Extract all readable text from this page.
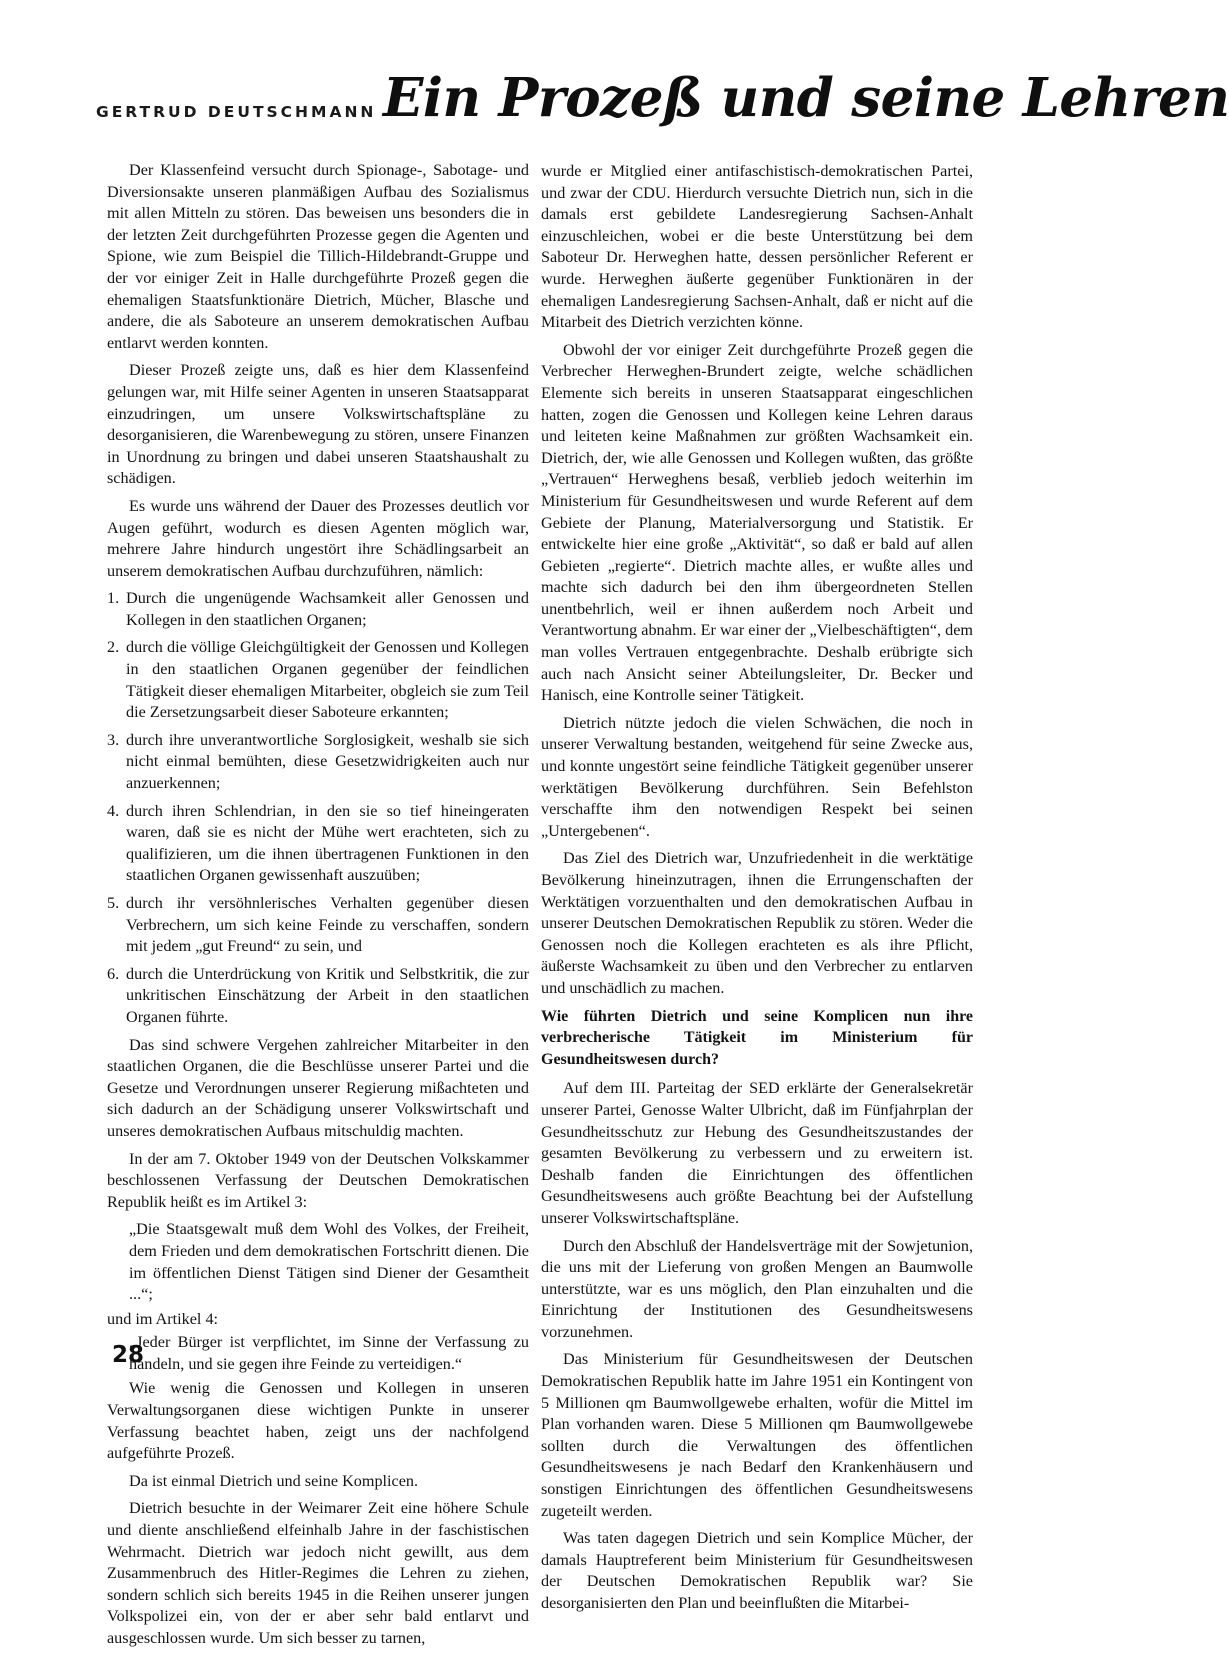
GERTRUD DEUTSCHMANN Ein Prozeß und seine Lehren

Der Klassenfeind versucht durch Spionage-, Sabotage- und Diversionsakte unseren planmäßigen Aufbau des Sozialismus mit allen Mitteln zu stören. Das beweisen uns besonders die in der letzten Zeit durchgeführten Prozesse gegen die Agenten und Spione, wie zum Beispiel die Tillich-Hildebrandt-Gruppe und der vor einiger Zeit in Halle durchgeführte Prozeß gegen die ehemaligen Staatsfunktionäre Dietrich, Mücher, Blasche und andere, die als Saboteure an unserem demokratischen Aufbau entlarvt werden konnten.

Dieser Prozeß zeigte uns, daß es hier dem Klassenfeind gelungen war, mit Hilfe seiner Agenten in unseren Staatsapparat einzudringen, um unsere Volkswirtschaftspläne zu desorganisieren, die Warenbewegung zu stören, unsere Finanzen in Unordnung zu bringen und dabei unseren Staatshaushalt zu schädigen.

Es wurde uns während der Dauer des Prozesses deutlich vor Augen geführt, wodurch es diesen Agenten möglich war, mehrere Jahre hindurch ungestört ihre Schädlingsarbeit an unserem demokratischen Aufbau durchzuführen, nämlich:

1. Durch die ungenügende Wachsamkeit aller Genossen und Kollegen in den staatlichen Organen;
2. durch die völlige Gleichgültigkeit der Genossen und Kollegen in den staatlichen Organen gegenüber der feindlichen Tätigkeit dieser ehemaligen Mitarbeiter, obgleich sie zum Teil die Zersetzungsarbeit dieser Saboteure erkannten;
3. durch ihre unverantwortliche Sorglosigkeit, weshalb sie sich nicht einmal bemühten, diese Gesetzwidrigkeiten auch nur anzuerkennen;
4. durch ihren Schlendrian, in den sie so tief hineingeraten waren, daß sie es nicht der Mühe wert erachteten, sich zu qualifizieren, um die ihnen übertragenen Funktionen in den staatlichen Organen gewissenhaft auszuüben;
5. durch ihr versöhnlerisches Verhalten gegenüber diesen Verbrechern, um sich keine Feinde zu verschaffen, sondern mit jedem „gut Freund“ zu sein, und
6. durch die Unterdrückung von Kritik und Selbstkritik, die zur unkritischen Einschätzung der Arbeit in den staatlichen Organen führte.

Das sind schwere Vergehen zahlreicher Mitarbeiter in den staatlichen Organen, die die Beschlüsse unserer Partei und die Gesetze und Verordnungen unserer Regierung mißachteten und sich dadurch an der Schädigung unserer Volkswirtschaft und unseres demokratischen Aufbaus mitschuldig machten.

In der am 7. Oktober 1949 von der Deutschen Volkskammer beschlossenen Verfassung der Deutschen Demokratischen Republik heißt es im Artikel 3:

„Die Staatsgewalt muß dem Wohl des Volkes, der Freiheit, dem Frieden und dem demokratischen Fortschritt dienen. Die im öffentlichen Dienst Tätigen sind Diener der Gesamtheit ...“;

und im Artikel 4:

„Jeder Bürger ist verpflichtet, im Sinne der Verfassung zu handeln, und sie gegen ihre Feinde zu verteidigen.“

Wie wenig die Genossen und Kollegen in unseren Verwaltungsorganen diese wichtigen Punkte in unserer Verfassung beachtet haben, zeigt uns der nachfolgend aufgeführte Prozeß.

Da ist einmal Dietrich und seine Komplicen.

Dietrich besuchte in der Weimarer Zeit eine höhere Schule und diente anschließend elfeinhalb Jahre in der faschistischen Wehrmacht. Dietrich war jedoch nicht gewillt, aus dem Zusammenbruch des Hitler-Regimes die Lehren zu ziehen, sondern schlich sich bereits 1945 in die Reihen unserer jungen Volkspolizei ein, von der er aber sehr bald entlarvt und ausgeschlossen wurde. Um sich besser zu tarnen,

wurde er Mitglied einer antifaschistisch-demokratischen Partei, und zwar der CDU. Hierdurch versuchte Dietrich nun, sich in die damals erst gebildete Landesregierung Sachsen-Anhalt einzuschleichen, wobei er die beste Unterstützung bei dem Saboteur Dr. Herweghen hatte, dessen persönlicher Referent er wurde. Herweghen äußerte gegenüber Funktionären in der ehemaligen Landesregierung Sachsen-Anhalt, daß er nicht auf die Mitarbeit des Dietrich verzichten könne.

Obwohl der vor einiger Zeit durchgeführte Prozeß gegen die Verbrecher Herweghen-Brundert zeigte, welche schädlichen Elemente sich bereits in unseren Staatsapparat eingeschlichen hatten, zogen die Genossen und Kollegen keine Lehren daraus und leiteten keine Maßnahmen zur größten Wachsamkeit ein. Dietrich, der, wie alle Genossen und Kollegen wußten, das größte „Vertrauen“ Herweghens besaß, verblieb jedoch weiterhin im Ministerium für Gesundheitswesen und wurde Referent auf dem Gebiete der Planung, Materialversorgung und Statistik. Er entwickelte hier eine große „Aktivität“, so daß er bald auf allen Gebieten „regierte“. Dietrich machte alles, er wußte alles und machte sich dadurch bei den ihm übergeordneten Stellen unentbehrlich, weil er ihnen außerdem noch Arbeit und Verantwortung abnahm. Er war einer der „Vielbeschäftigten“, dem man volles Vertrauen entgegenbrachte. Deshalb erübrigte sich auch nach Ansicht seiner Abteilungsleiter, Dr. Becker und Hanisch, eine Kontrolle seiner Tätigkeit.

Dietrich nützte jedoch die vielen Schwächen, die noch in unserer Verwaltung bestanden, weitgehend für seine Zwecke aus, und konnte ungestört seine feindliche Tätigkeit gegenüber unserer werktätigen Bevölkerung durchführen. Sein Befehlston verschaffte ihm den notwendigen Respekt bei seinen „Untergebenen“.

Das Ziel des Dietrich war, Unzufriedenheit in die werktätige Bevölkerung hineinzutragen, ihnen die Errungenschaften der Werktätigen vorzuenthalten und den demokratischen Aufbau in unserer Deutschen Demokratischen Republik zu stören. Weder die Genossen noch die Kollegen erachteten es als ihre Pflicht, äußerste Wachsamkeit zu üben und den Verbrecher zu entlarven und unschädlich zu machen.

Wie führten Dietrich und seine Komplicen nun ihre verbrecherische Tätigkeit im Ministerium für Gesundheitswesen durch?

Auf dem III. Parteitag der SED erklärte der Generalsekretär unserer Partei, Genosse Walter Ulbricht, daß im Fünfjahrplan der Gesundheitsschutz zur Hebung des Gesundheitszustandes der gesamten Bevölkerung zu verbessern und zu erweitern ist. Deshalb fanden die Einrichtungen des öffentlichen Gesundheitswesens auch größte Beachtung bei der Aufstellung unserer Volkswirtschaftspläne.

Durch den Abschluß der Handelsverträge mit der Sowjetunion, die uns mit der Lieferung von großen Mengen an Baumwolle unterstützte, war es uns möglich, den Plan einzuhalten und die Einrichtung der Institutionen des Gesundheitswesens vorzunehmen.

Das Ministerium für Gesundheitswesen der Deutschen Demokratischen Republik hatte im Jahre 1951 ein Kontingent von 5 Millionen qm Baumwollgewebe erhalten, wofür die Mittel im Plan vorhanden waren. Diese 5 Millionen qm Baumwollgewebe sollten durch die Verwaltungen des öffentlichen Gesundheitswesens je nach Bedarf den Krankenhäusern und sonstigen Einrichtungen des öffentlichen Gesundheitswesens zugeteilt werden.

Was taten dagegen Dietrich und sein Komplice Mücher, der damals Hauptreferent beim Ministerium für Gesundheitswesen der Deutschen Demokratischen Republik war? Sie desorganisierten den Plan und beeinflußten die Mitarbei-

28
